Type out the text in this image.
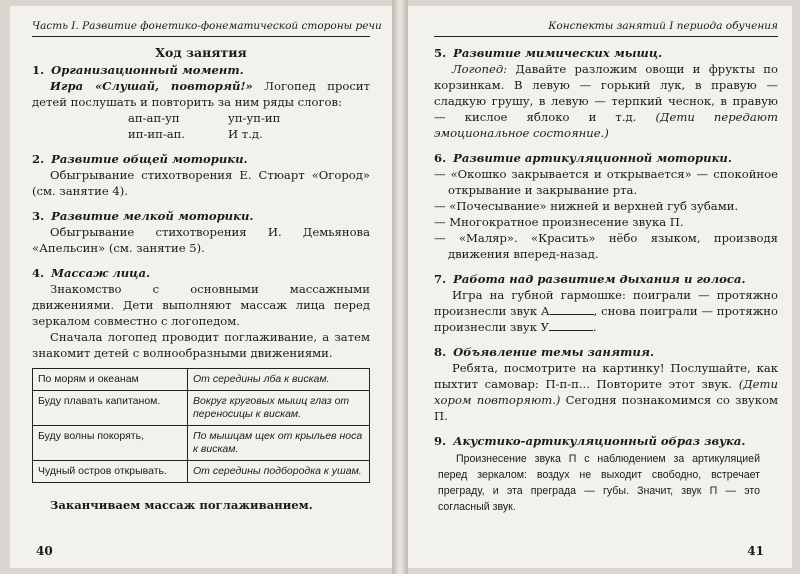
Часть I. Развитие фонетико-фонематической стороны речи
Ход занятия
1. Организационный момент.
Игра «Слушай, повторяй!» Логопед просит детей послушать и повторить за ним ряды слогов:
ап-ап-уп	уп-уп-ип
ип-ип-ап.	И т.д.
2. Развитие общей моторики.
Обыгрывание стихотворения Е. Стюарт «Огород» (см. занятие 4).
3. Развитие мелкой моторики.
Обыгрывание стихотворения И. Демьянова «Апельсин» (см. занятие 5).
4. Массаж лица.
Знакомство с основными массажными движениями. Дети выполняют массаж лица перед зеркалом совместно с логопедом.
Сначала логопед проводит поглаживание, а затем знакомит детей с волнообразными движениями.
По морям и океанам	От середины лба к вискам.
Буду плавать капитаном.	Вокруг круговых мышц глаз от переносицы к вискам.
Буду волны покорять,	По мышцам щек от крыльев носа к вискам.
Чудный остров открывать.	От середины подбородка к ушам.
Заканчиваем массаж поглаживанием.
40
Конспекты занятий I периода обучения
5. Развитие мимических мышц.
Логопед: Давайте разложим овощи и фрукты по корзинкам. В левую — горький лук, в правую — сладкую грушу, в левую — терпкий чеснок, в правую — кислое яблоко и т.д. (Дети передают эмоциональное состояние.)
6. Развитие артикуляционной моторики.
— «Окошко закрывается и открывается» — спокойное открывание и закрывание рта.
— «Почесывание» нижней и верхней губ зубами.
— Многократное произнесение звука П.
— «Маляр». «Красить» нёбо языком, производя движения вперед-назад.
7. Работа над развитием дыхания и голоса.
Игра на губной гармошке: поиграли — протяжно произнесли звук А	, снова поиграли — протяжно произнесли звук У	.
8. Объявление темы занятия.
Ребята, посмотрите на картинку! Послушайте, как пыхтит самовар: П-п-п... Повторите этот звук. (Дети хором повторяют.) Сегодня познакомимся со звуком П.
9. Акустико-артикуляционный образ звука.
Произнесение звука П с наблюдением за артикуляцией перед зеркалом: воздух не выходит свободно, встречает преграду, и эта преграда — губы. Значит, звук П — это согласный звук.
41
